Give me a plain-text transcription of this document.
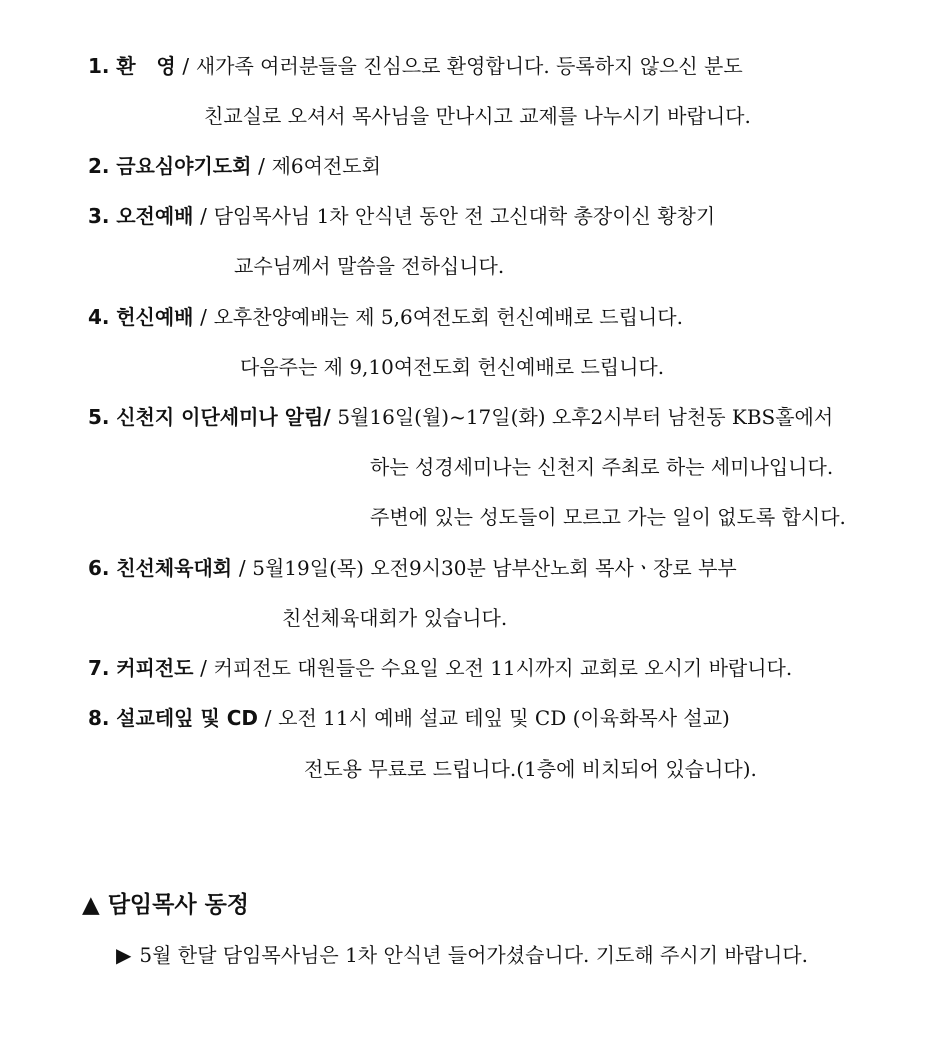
1. 환   영 / 새가족 여러분들을 진심으로 환영합니다. 등록하지 않으신 분도
친교실로 오셔서 목사님을 만나시고 교제를 나누시기 바랍니다.
2. 금요심야기도회 / 제6여전도회
3. 오전예배 / 담임목사님 1차 안식년 동안 전 고신대학 총장이신 황창기
교수님께서 말씀을 전하십니다.
4. 헌신예배 / 오후찬양예배는 제 5,6여전도회 헌신예배로 드립니다.
다음주는 제 9,10여전도회 헌신예배로 드립니다.
5. 신천지 이단세미나 알림/ 5월16일(월)~17일(화) 오후2시부터 남천동 KBS홀에서
하는 성경세미나는 신천지 주최로 하는 세미나입니다.
주변에 있는 성도들이 모르고 가는 일이 없도록 합시다.
6. 친선체육대회 / 5월19일(목) 오전9시30분 남부산노회 목사ㆍ장로 부부
친선체육대회가 있습니다.
7. 커피전도 / 커피전도 대원들은 수요일 오전 11시까지 교회로 오시기 바랍니다.
8. 설교테잎 및 CD / 오전 11시 예배 설교 테잎 및 CD (이육화목사 설교)
전도용 무료로 드립니다.(1층에 비치되어 있습니다).
▲ 담임목사 동정
▶ 5월 한달 담임목사님은 1차 안식년 들어가셨습니다. 기도해 주시기 바랍니다.
